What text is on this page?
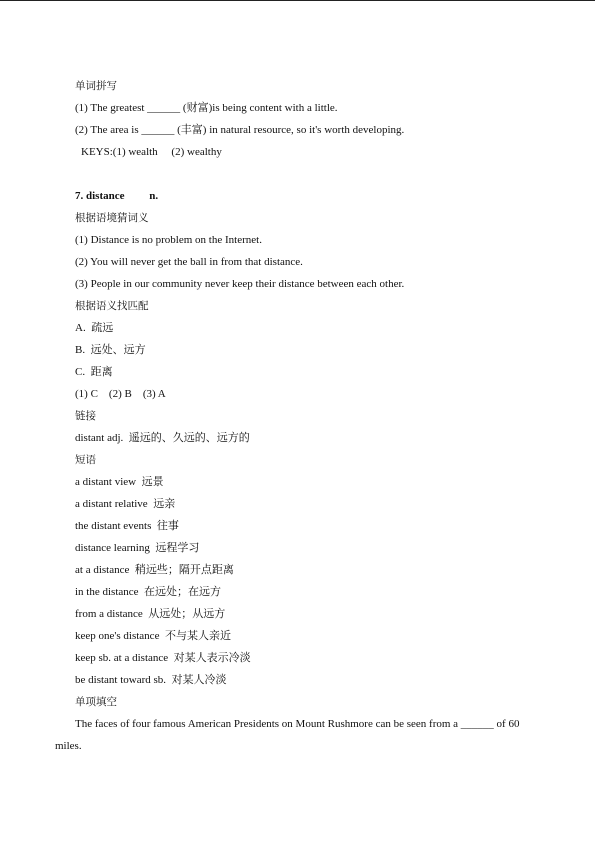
单词拼写
(1) The greatest ______ (财富)is being content with a little.
(2) The area is ______ (丰富) in natural resource, so it's worth developing.
KEYS:(1) wealth     (2) wealthy
7. distance         n.
根据语境猜词义
(1) Distance is no problem on the Internet.
(2) You will never get the ball in from that distance.
(3) People in our community never keep their distance between each other.
根据语义找匹配
A.  疏远
B.  远处、远方
C.  距离
(1) C    (2) B    (3) A
链接
distant adj.  遥远的、久远的、远方的
短语
a distant view  远景
a distant relative  远亲
the distant events  往事
distance learning  远程学习
at a distance  稍远些；隔开点距离
in the distance  在远处；在远方
from a distance  从远处；从远方
keep one's distance  不与某人亲近
keep sb. at a distance  对某人表示冷淡
be distant toward sb.  对某人冷淡
单项填空
The faces of four famous American Presidents on Mount Rushmore can be seen from a ______ of 60 miles.
